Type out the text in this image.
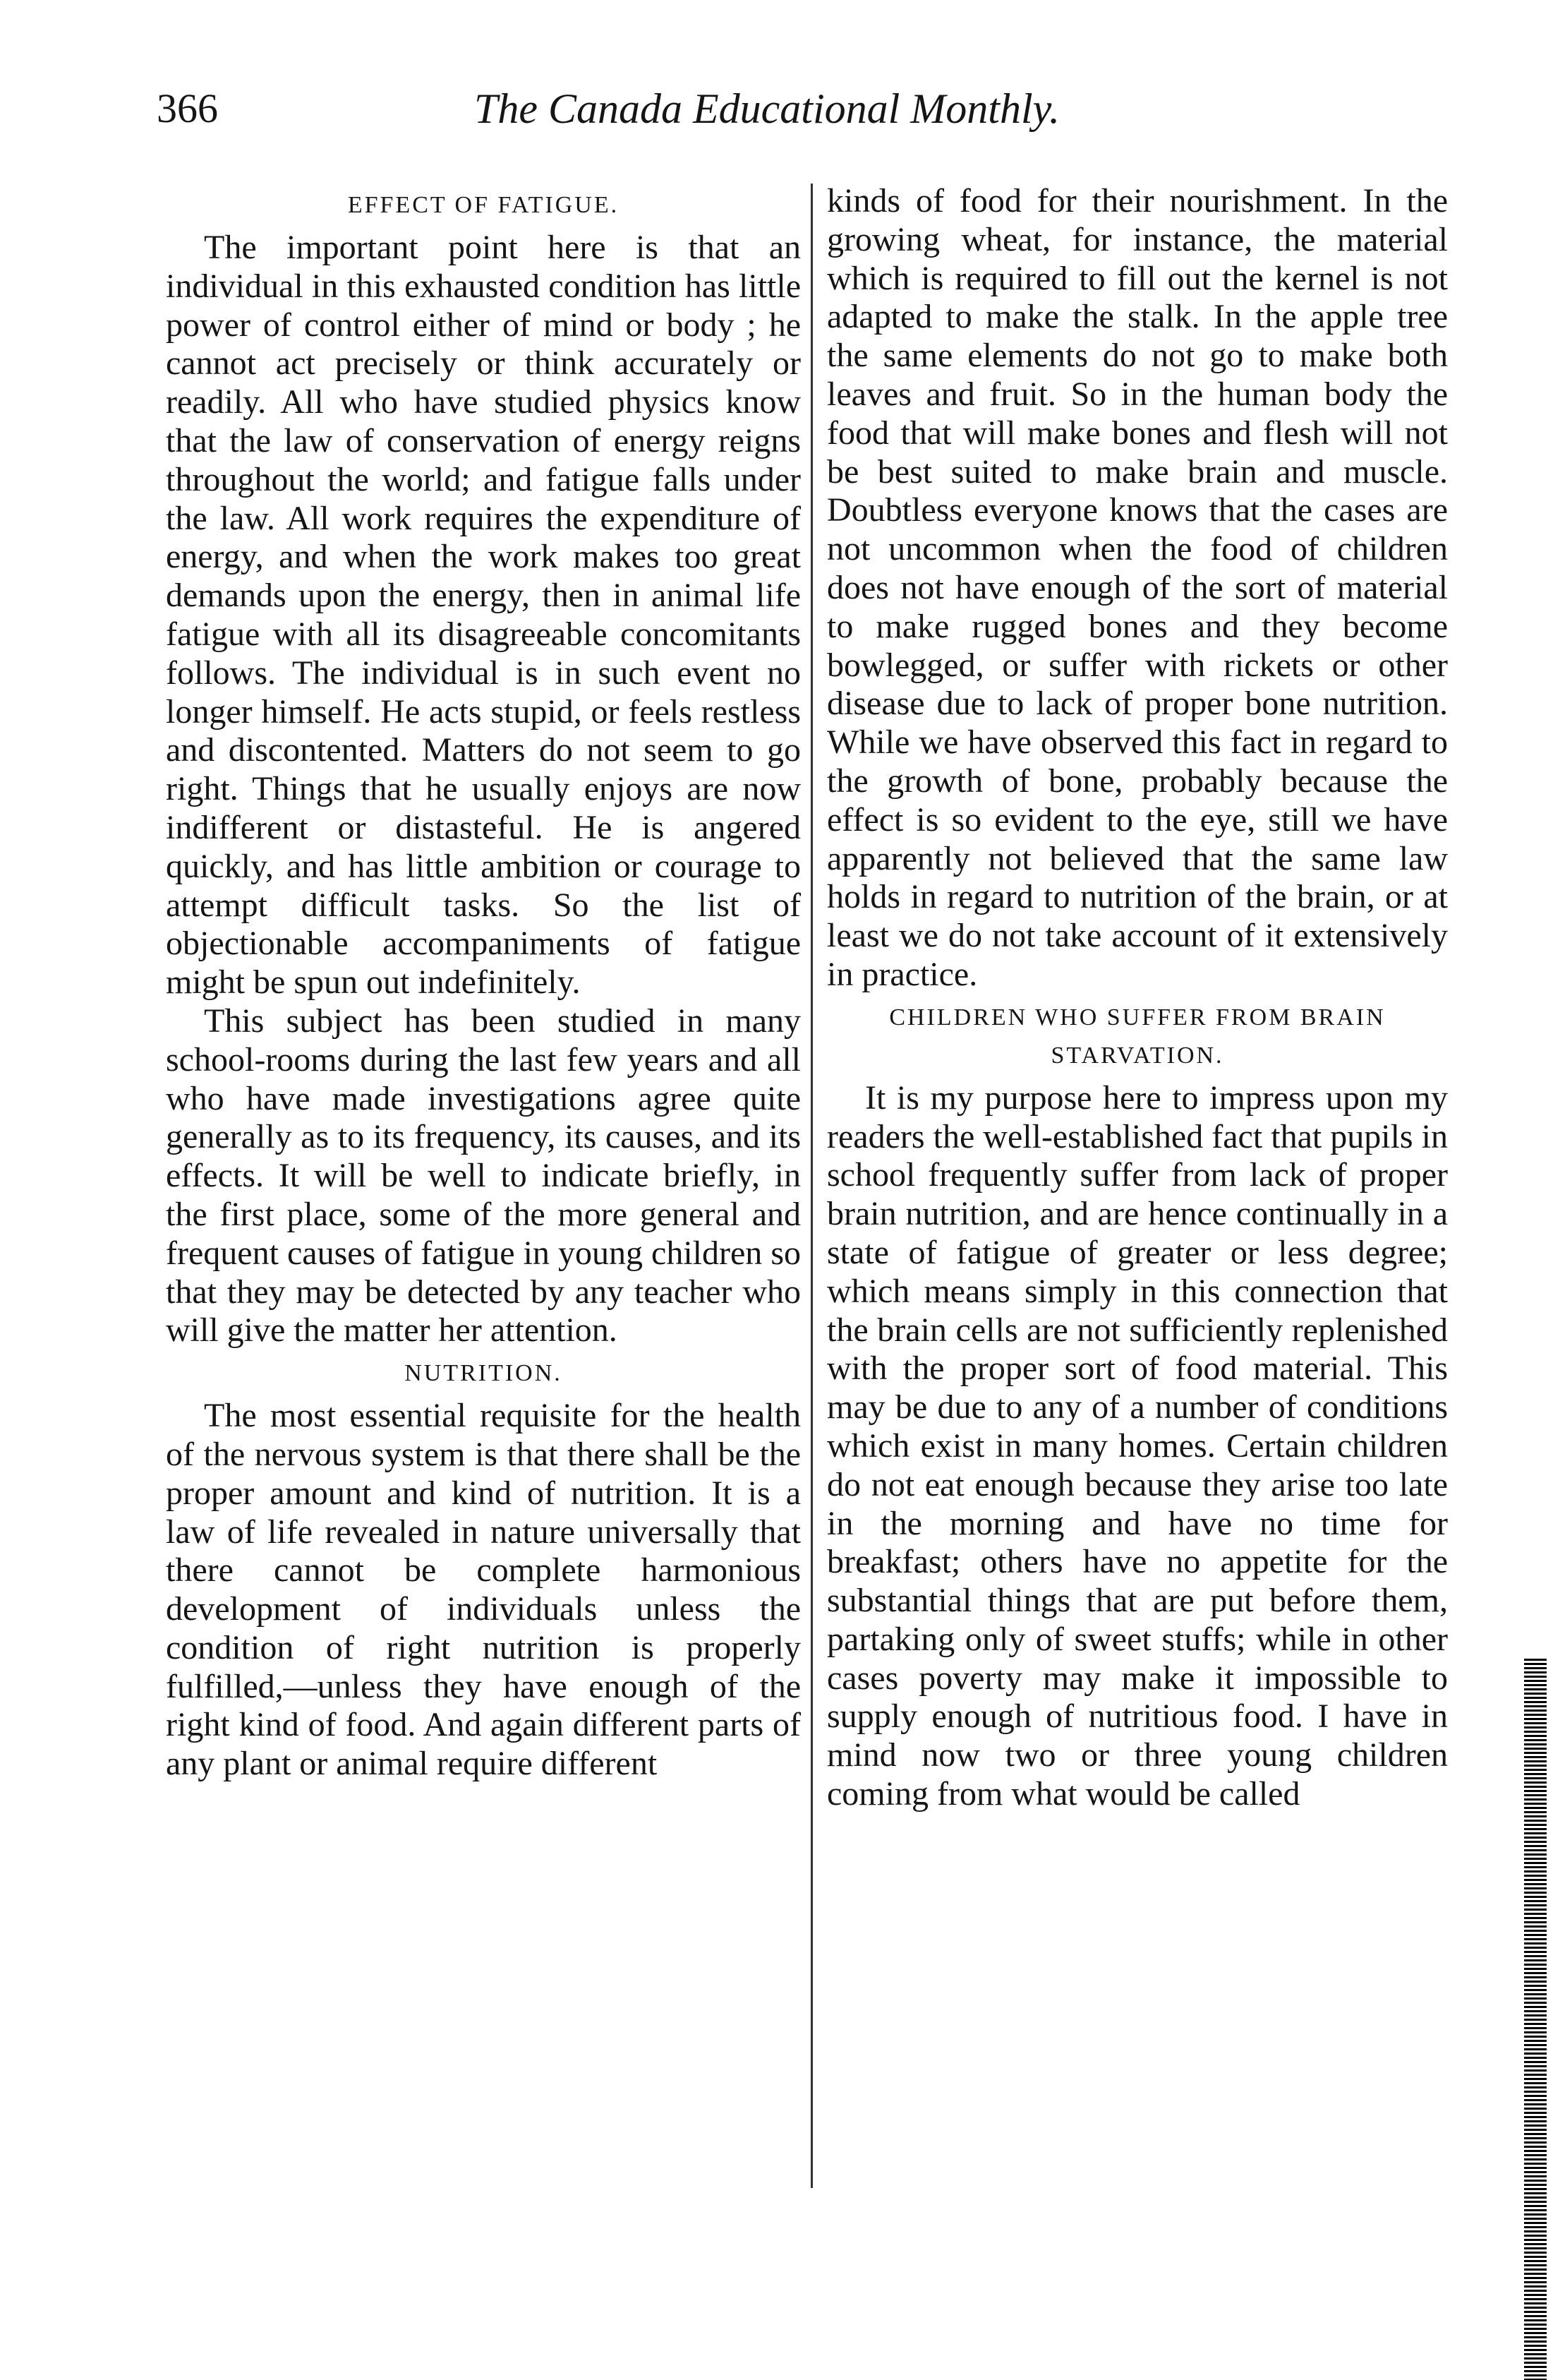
366	The Canada Educational Monthly.
EFFECT OF FATIGUE.

The important point here is that an individual in this exhausted condition has little power of control either of mind or body ; he cannot act precisely or think accurately or readily. All who have studied physics know that the law of conservation of energy reigns throughout the world; and fatigue falls under the law. All work requires the expenditure of energy, and when the work makes too great demands upon the energy, then in animal life fatigue with all its disagreeable concomitants follows. The individual is in such event no longer himself. He acts stupid, or feels restless and discontented. Matters do not seem to go right. Things that he usually enjoys are now indifferent or distasteful. He is angered quickly, and has little ambition or courage to attempt difficult tasks. So the list of objectionable accompaniments of fatigue might be spun out indefinitely.

This subject has been studied in many school-rooms during the last few years and all who have made investigations agree quite generally as to its frequency, its causes, and its effects. It will be well to indicate briefly, in the first place, some of the more general and frequent causes of fatigue in young children so that they may be detected by any teacher who will give the matter her attention.

NUTRITION.

The most essential requisite for the health of the nervous system is that there shall be the proper amount and kind of nutrition. It is a law of life revealed in nature universally that there cannot be complete harmonious development of individuals unless the condition of right nutrition is properly fulfilled,—unless they have enough of the right kind of food. And again different parts of any plant or animal require different

kinds of food for their nourishment. In the growing wheat, for instance, the material which is required to fill out the kernel is not adapted to make the stalk. In the apple tree the same elements do not go to make both leaves and fruit. So in the human body the food that will make bones and flesh will not be best suited to make brain and muscle. Doubtless everyone knows that the cases are not uncommon when the food of children does not have enough of the sort of material to make rugged bones and they become bowlegged, or suffer with rickets or other disease due to lack of proper bone nutrition. While we have observed this fact in regard to the growth of bone, probably because the effect is so evident to the eye, still we have apparently not believed that the same law holds in regard to nutrition of the brain, or at least we do not take account of it extensively in practice.

CHILDREN WHO SUFFER FROM BRAIN STARVATION.

It is my purpose here to impress upon my readers the well-established fact that pupils in school frequently suffer from lack of proper brain nutrition, and are hence continually in a state of fatigue of greater or less degree; which means simply in this connection that the brain cells are not sufficiently replenished with the proper sort of food material. This may be due to any of a number of conditions which exist in many homes. Certain children do not eat enough because they arise too late in the morning and have no time for breakfast; others have no appetite for the substantial things that are put before them, partaking only of sweet stuffs; while in other cases poverty may make it impossible to supply enough of nutritious food. I have in mind now two or three young children coming from what would be called
